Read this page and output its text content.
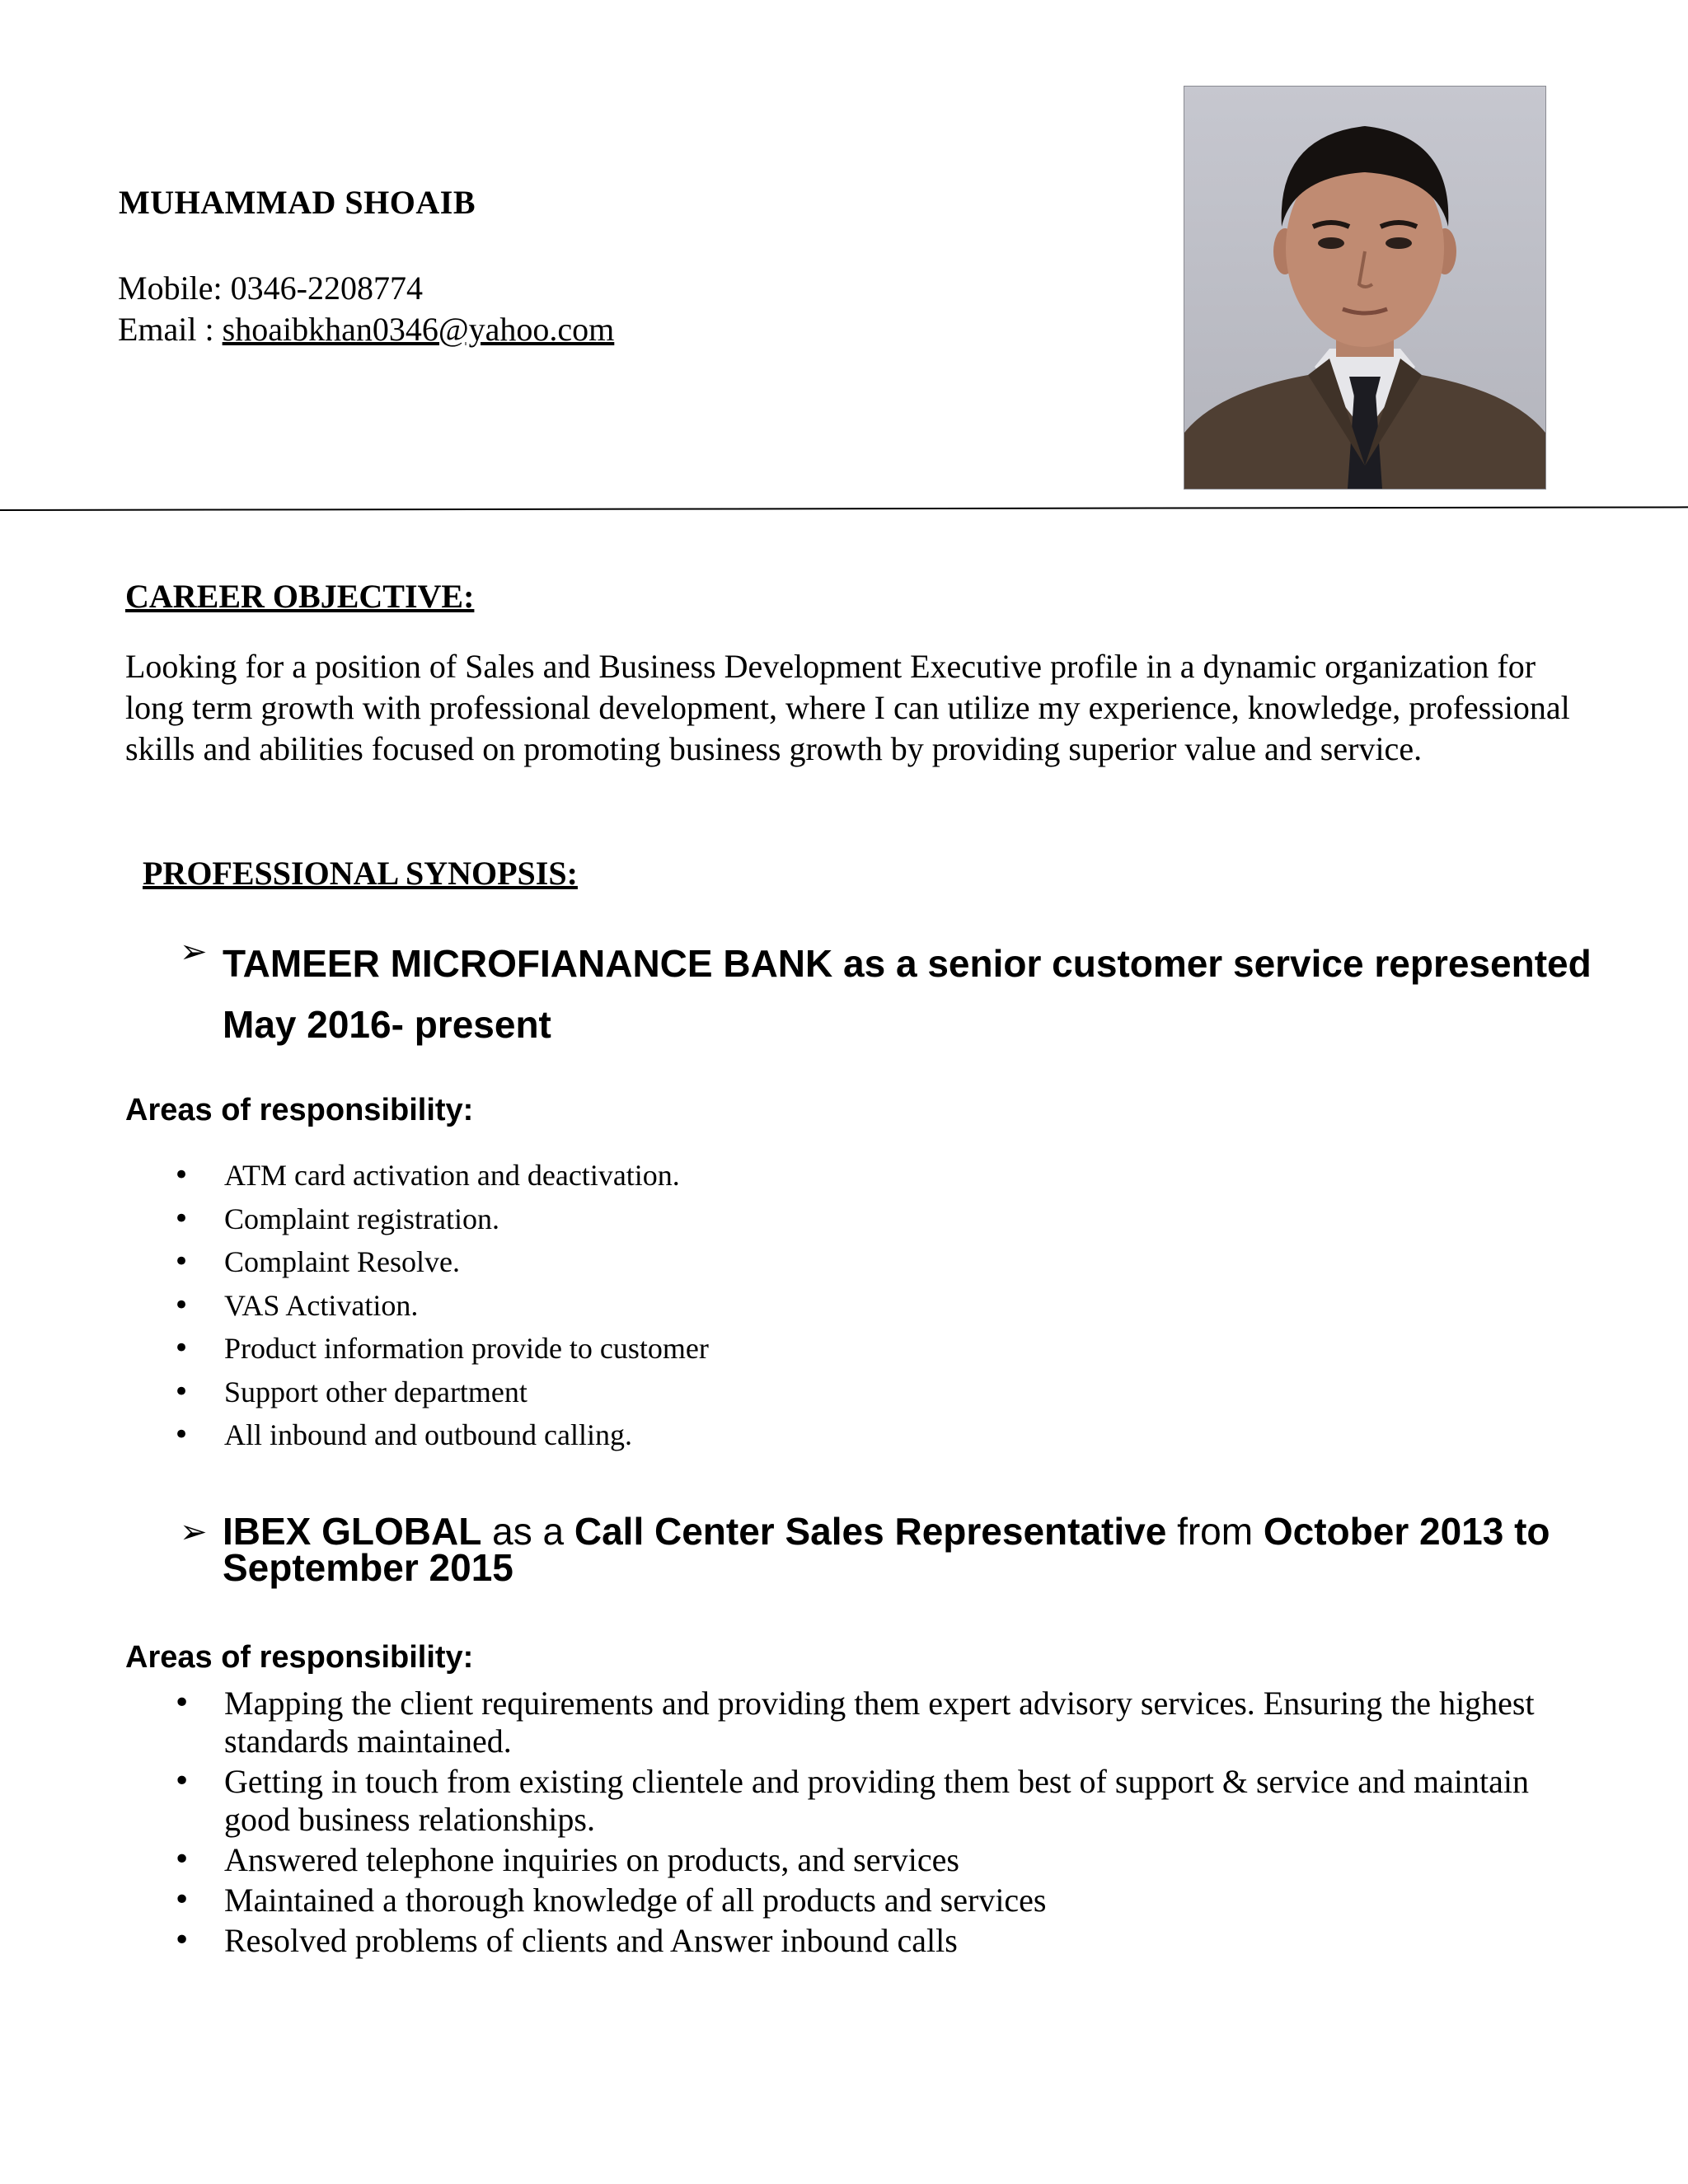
MUHAMMAD SHOAIB
Mobile: 0346-2208774
Email : shoaibkhan0346@yahoo.com
CAREER OBJECTIVE:
Looking for a position of Sales and Business Development Executive profile in a dynamic organization for long term growth with professional development, where I can utilize my experience, knowledge, professional skills and abilities focused on promoting business growth by providing superior value and service.
PROFESSIONAL SYNOPSIS:
➢ TAMEER MICROFIANANCE BANK as a senior customer service represented
May 2016- present
Areas of responsibility:
• ATM card activation and deactivation.
• Complaint registration.
• Complaint Resolve.
• VAS Activation.
• Product information provide to customer
• Support other department
• All inbound and outbound calling.
➢ IBEX GLOBAL as a Call Center Sales Representative from October 2013 to September 2015
Areas of responsibility:
• Mapping the client requirements and providing them expert advisory services. Ensuring the highest standards maintained.
• Getting in touch from existing clientele and providing them best of support & service and maintain good business relationships.
• Answered telephone inquiries on products, and services
• Maintained a thorough knowledge of all products and services
• Resolved problems of clients and Answer inbound calls
